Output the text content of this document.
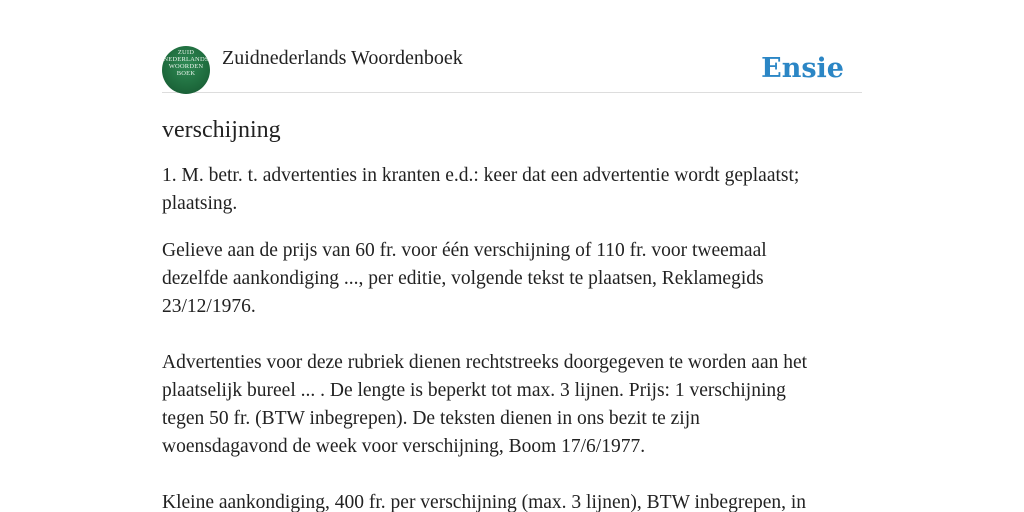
ZUID
NEDERLANDS
WOORDEN
BOEK
Zuidnederlands Woordenboek	Ensie
verschijning

1. M. betr. t. advertenties in kranten e.d.: keer dat een advertentie wordt geplaatst;
plaatsing.

Gelieve aan de prijs van 60 fr. voor één verschijning of 110 fr. voor tweemaal
dezelfde aankondiging ..., per editie, volgende tekst te plaatsen, Reklamegids
23/12/1976.

Advertenties voor deze rubriek dienen rechtstreeks doorgegeven te worden aan het
plaatselijk bureel ... . De lengte is beperkt tot max. 3 lijnen. Prijs: 1 verschijning
tegen 50 fr. (BTW inbegrepen). De teksten dienen in ons bezit te zijn
woensdagavond de week voor verschijning, Boom 17/6/1977.

Kleine aankondiging, 400 fr. per verschijning (max. 3 lijnen), BTW inbegrepen, in
